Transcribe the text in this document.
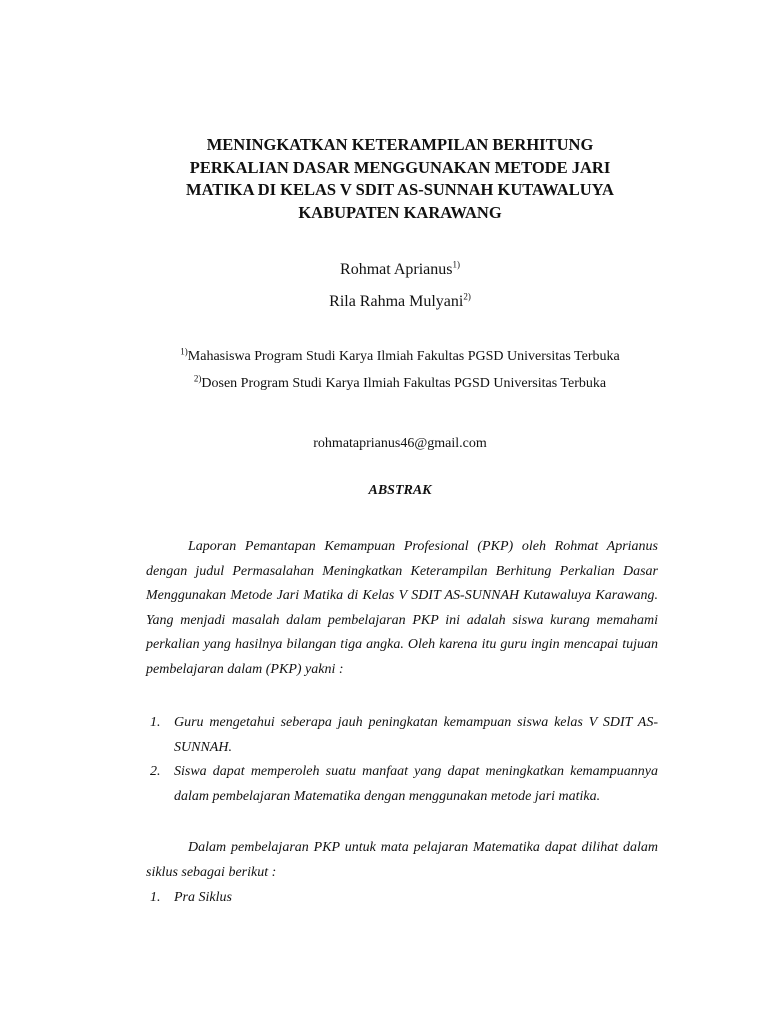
MENINGKATKAN KETERAMPILAN BERHITUNG
PERKALIAN DASAR MENGGUNAKAN METODE JARI
MATIKA DI KELAS V SDIT AS-SUNNAH KUTAWALUYA
KABUPATEN KARAWANG
Rohmat Aprianus$^{1)}$
Rila Rahma Mulyani$^{2)}$
$^{1)}$Mahasiswa Program Studi Karya Ilmiah Fakultas PGSD Universitas Terbuka
$^{2)}$Dosen Program Studi Karya Ilmiah Fakultas PGSD Universitas Terbuka
rohmataprianus46@gmail.com
ABSTRAK
Laporan Pemantapan Kemampuan Profesional (PKP) oleh Rohmat Aprianus dengan judul Permasalahan Meningkatkan Keterampilan Berhitung Perkalian Dasar Menggunakan Metode Jari Matika di Kelas V SDIT AS-SUNNAH Kutawaluya Karawang. Yang menjadi masalah dalam pembelajaran PKP ini adalah siswa kurang memahami perkalian yang hasilnya bilangan tiga angka. Oleh karena itu guru ingin mencapai tujuan pembelajaran dalam (PKP) yakni :
1. Guru mengetahui seberapa jauh peningkatan kemampuan siswa kelas V SDIT AS-SUNNAH.
2. Siswa dapat memperoleh suatu manfaat yang dapat meningkatkan kemampuannya dalam pembelajaran Matematika dengan menggunakan metode jari matika.
Dalam pembelajaran PKP untuk mata pelajaran Matematika dapat dilihat dalam siklus sebagai berikut :
1. Pra Siklus
